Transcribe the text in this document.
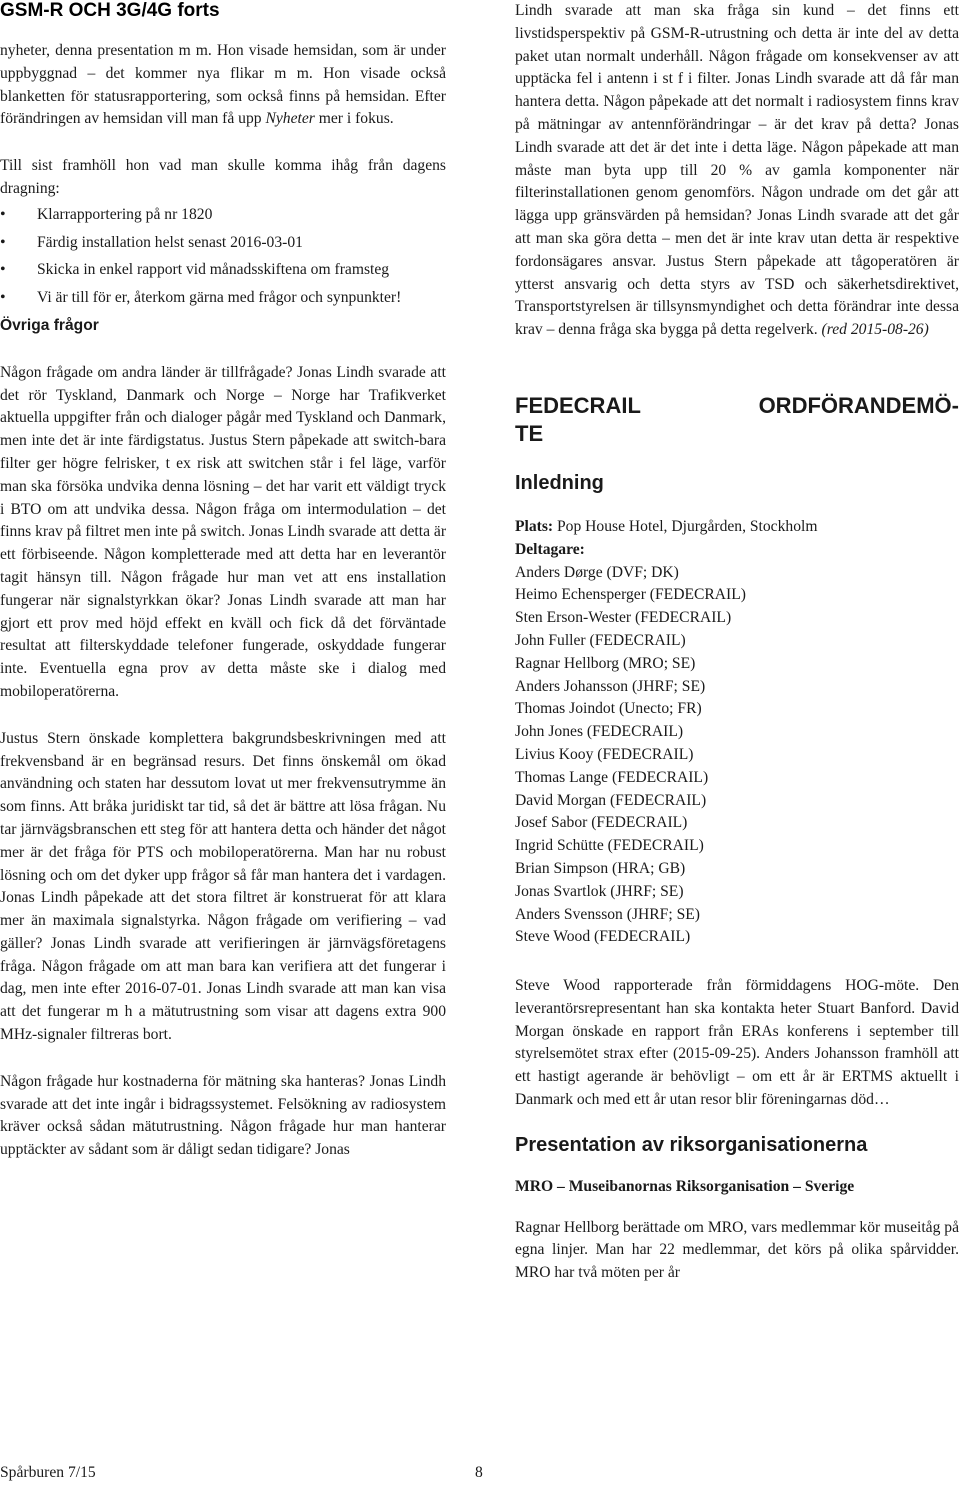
GSM-R OCH 3G/4G forts

nyheter, denna presentation m m. Hon visade hemsidan, som är under uppbyggnad – det kommer nya flikar m m. Hon visade också blanketten för statusrapportering, som också finns på hemsidan. Efter förändringen av hemsidan vill man få upp Nyheter mer i fokus.

Till sist framhöll hon vad man skulle komma ihåg från dagens dragning:

• Klarrapportering på nr 1820
• Färdig installation helst senast 2016-03-01
• Skicka in enkel rapport vid månadsskiftena om framsteg
• Vi är till för er, återkom gärna med frågor och synpunkter!

Övriga frågor

Någon frågade om andra länder är tillfrågade? Jonas Lindh svarade att det rör Tyskland, Danmark och Norge – Norge har Trafikverket aktuella uppgifter från och dialoger pågår med Tyskland och Danmark, men inte det är inte färdigstatus. Justus Stern påpekade att switch-bara filter ger högre felrisker, t ex risk att switchen står i fel läge, varför man ska försöka undvika denna lösning – det har varit ett väldigt tryck i BTO om att undvika dessa. Någon fråga om intermodulation – det finns krav på filtret men inte på switch. Jonas Lindh svarade att detta är ett förbiseende. Någon kompletterade med att detta har en leverantör tagit hänsyn till. Någon frågade hur man vet att ens installation fungerar när signalstyrkkan ökar? Jonas Lindh svarade att man har gjort ett prov med höjd effekt en kväll och fick då det förväntade resultat att filterskyddade telefoner fungerade, oskyddade fungerar inte. Eventuella egna prov av detta måste ske i dialog med mobiloperatörerna.

Justus Stern önskade komplettera bakgrundsbeskrivningen med att frekvensband är en begränsad resurs. Det finns önskemål om ökad användning och staten har dessutom lovat ut mer frekvensutrymme än som finns. Att bråka juridiskt tar tid, så det är bättre att lösa frågan. Nu tar järnvägsbranschen ett steg för att hantera detta och händer det något mer är det fråga för PTS och mobiloperatörerna. Man har nu robust lösning och om det dyker upp frågor så får man hantera det i vardagen. Jonas Lindh påpekade att det stora filtret är konstruerat för att klara mer än maximala signalstyrka. Någon frågade om verifiering – vad gäller? Jonas Lindh svarade att verifieringen är järnvägsföretagens fråga. Någon frågade om att man bara kan verifiera att det fungerar i dag, men inte efter 2016-07-01. Jonas Lindh svarade att man kan visa att det fungerar m h a mätutrustning som visar att dagens extra 900 MHz-signaler filtreras bort.

Någon frågade hur kostnaderna för mätning ska hanteras? Jonas Lindh svarade att det inte ingår i bidragssystemet. Felsökning av radiosystem kräver också sådan mätutrustning. Någon frågade hur man hanterar upptäckter av sådant som är dåligt sedan tidigare? Jonas

Lindh svarade att man ska fråga sin kund – det finns ett livstidsperspektiv på GSM-R-utrustning och detta är inte del av detta paket utan normalt underhåll. Någon frågade om konsekvenser av att upptäcka fel i antenn i st f i filter. Jonas Lindh svarade att då får man hantera detta. Någon påpekade att det normalt i radiosystem finns krav på mätningar av antennförändringar – är det krav på detta? Jonas Lindh svarade att det är det inte i detta läge. Någon påpekade att man måste man byta upp till 20 % av gamla komponenter när filterinstallationen genom genomförs. Någon undrade om det går att lägga upp gränsvärden på hemsidan? Jonas Lindh svarade att det går att man ska göra detta – men det är inte krav utan detta är respektive fordonsägares ansvar. Justus Stern påpekade att tågoperatören är ytterst ansvarig och detta styrs av TSD och säkerhetsdirektivet, Transportstyrelsen är tillsynsmyndighet och detta förändrar inte dessa krav – denna fråga ska bygga på detta regelverk. (red 2015-08-26)

FEDECRAIL ORDFÖRANDEMÖ-

TE

Inledning

Plats: Pop House Hotel, Djurgården, Stockholm

Deltagare:

Anders Dørge (DVF; DK)
Heimo Echensperger (FEDECRAIL)
Sten Erson-Wester (FEDECRAIL)
John Fuller (FEDECRAIL)
Ragnar Hellborg (MRO; SE)
Anders Johansson (JHRF; SE)
Thomas Joindot (Unecto; FR)
John Jones (FEDECRAIL)
Livius Kooy (FEDECRAIL)
Thomas Lange (FEDECRAIL)
David Morgan (FEDECRAIL)
Josef Sabor (FEDECRAIL)
Ingrid Schütte (FEDECRAIL)
Brian Simpson (HRA; GB)
Jonas Svartlok (JHRF; SE)
Anders Svensson (JHRF; SE)
Steve Wood (FEDECRAIL)

Steve Wood rapporterade från förmiddagens HOG-möte. Den leverantörsrepresentant han ska kontakta heter Stuart Banford. David Morgan önskade en rapport från ERAs konferens i september till styrelsemötet strax efter (2015-09-25). Anders Johansson framhöll att ett hastigt agerande är behövligt – om ett år är ERTMS aktuellt i Danmark och med ett år utan resor blir föreningarnas död…

Presentation av riksorganisationerna

MRO – Museibanornas Riksorganisation – Sverige

Ragnar Hellborg berättade om MRO, vars medlemmar kör museitåg på egna linjer. Man har 22 medlemmar, det körs på olika spårvidder. MRO har två möten per år

Spårburen 7/15	8
